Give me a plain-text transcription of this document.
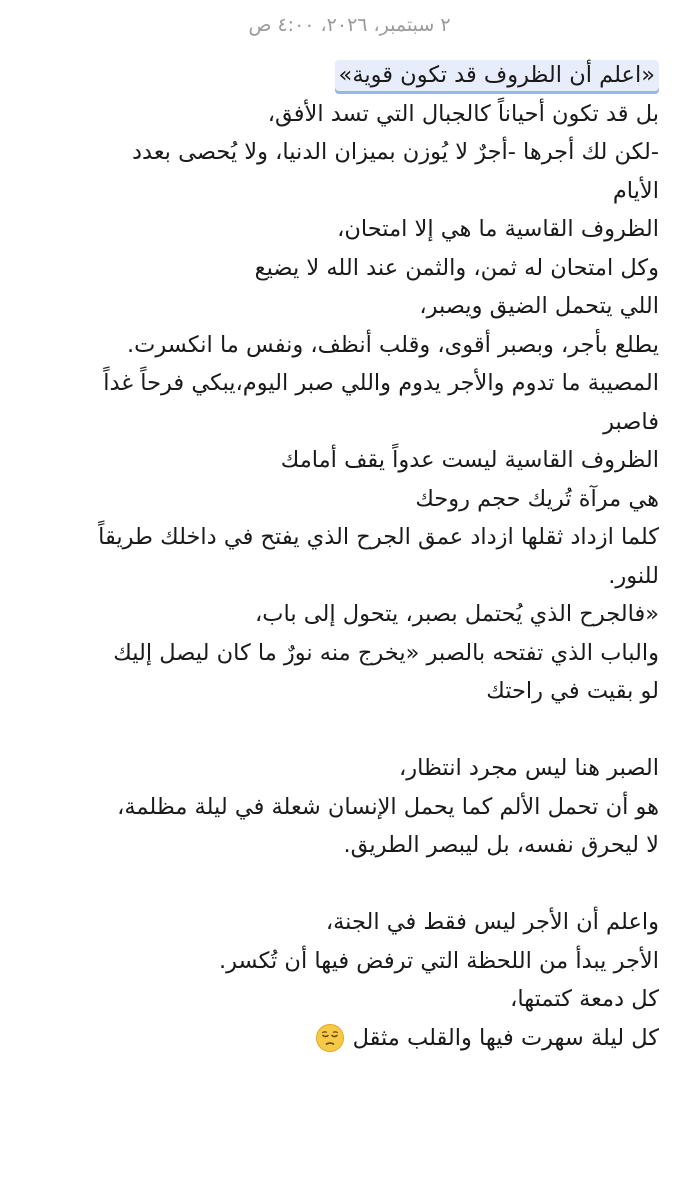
٢ سبتمبر، ٢٠٢٦، ٤:٠٠ ص
«اعلم أن الظروف قد تكون قوية»
بل قد تكون أحياناً كالجبال التي تسد الأفق،
-لكن لك أجرها -أجرٌ لا يُوزن بميزان الدنيا، ولا يُحصى بعدد
الأيام
الظروف القاسية ما هي إلا امتحان،
وكل امتحان له ثمن، والثمن عند الله لا يضيع
اللي يتحمل الضيق ويصبر،
يطلع بأجر، وبصبر أقوى، وقلب أنظف، ونفس ما انكسرت.
المصيبة ما تدوم والأجر يدوم واللي صبر اليوم،يبكي فرحاً غداً
فاصبر
الظروف القاسية ليست عدواً يقف أمامك
هي مرآة تُريك حجم روحك
كلما ازداد ثقلها ازداد عمق الجرح الذي يفتح في داخلك طريقاً
للنور.
«فالجرح الذي يُحتمل بصبر، يتحول إلى باب،
والباب الذي تفتحه بالصبر «يخرج منه نورٌ ما كان ليصل إليك
لو بقيت في راحتك
الصبر هنا ليس مجرد انتظار،
هو أن تحمل الألم كما يحمل الإنسان شعلة في ليلة مظلمة،
لا ليحرق نفسه، بل ليبصر الطريق.
واعلم أن الأجر ليس فقط في الجنة،
الأجر يبدأ من اللحظة التي ترفض فيها أن تُكسر.
كل دمعة كتمتها،
كل ليلة سهرت فيها والقلب مثقل
